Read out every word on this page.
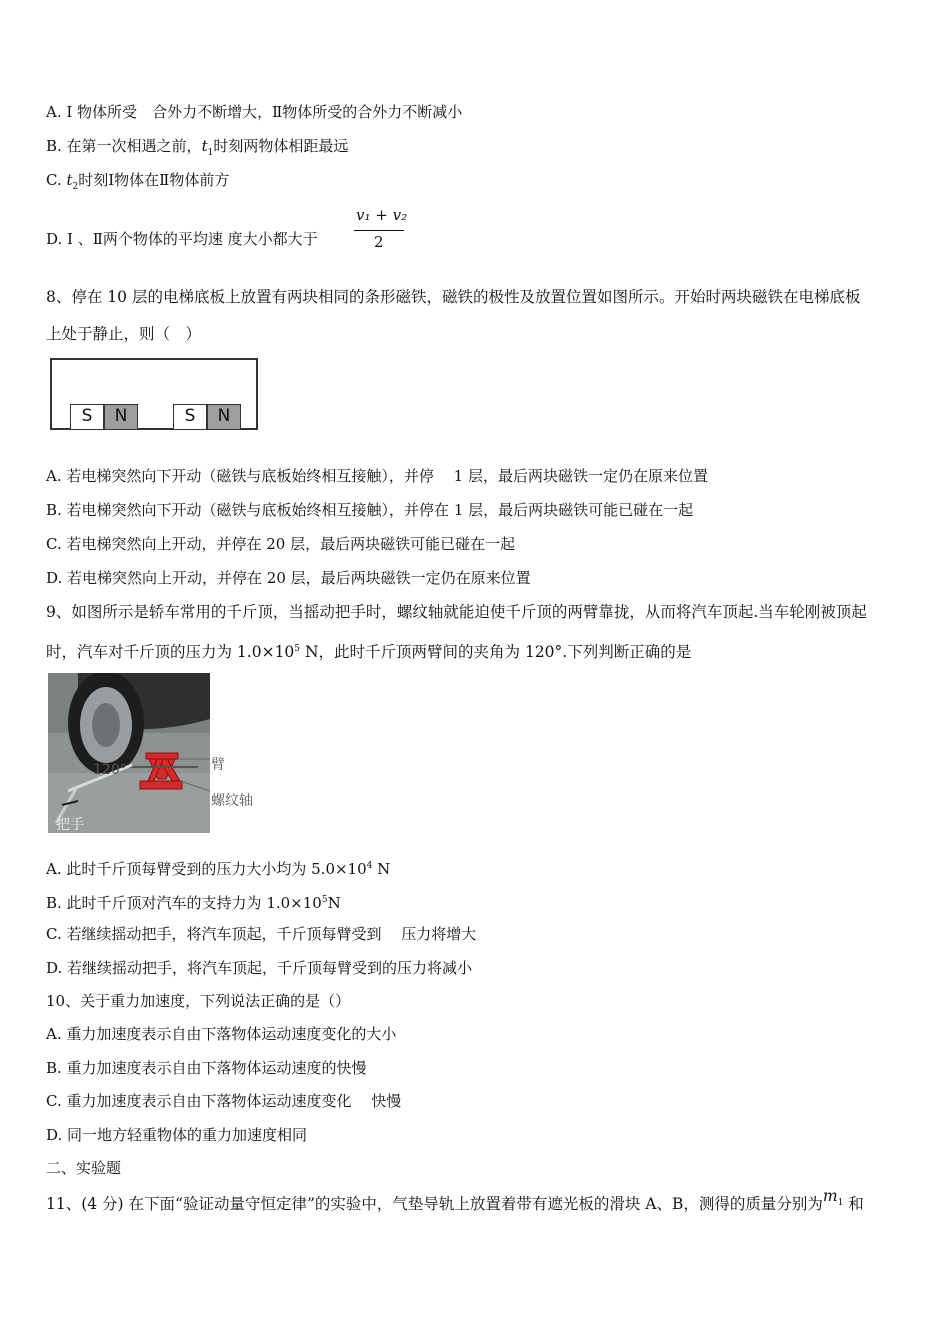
A. Ⅰ 物体所受　合外力不断增大，Ⅱ物体所受的合外力不断减小
B. 在第一次相遇之前，$t_1$时刻两物体相距最远
C. $t_2$时刻Ⅰ物体在Ⅱ物体前方
D. Ⅰ 、Ⅱ两个物体的平均速 度大小都大于
v₁ + v₂
2
8、停在 10 层的电梯底板上放置有两块相同的条形磁铁，磁铁的极性及放置位置如图所示。开始时两块磁铁在电梯底板
上处于静止，则（　）
S	N	S	N
A. 若电梯突然向下开动（磁铁与底板始终相互接触），并停　 1 层，最后两块磁铁一定仍在原来位置
B. 若电梯突然向下开动（磁铁与底板始终相互接触），并停在 1 层，最后两块磁铁可能已碰在一起
C. 若电梯突然向上开动，并停在 20 层，最后两块磁铁可能已碰在一起
D. 若电梯突然向上开动，并停在 20 层，最后两块磁铁一定仍在原来位置
9、如图所示是轿车常用的千斤顶，当摇动把手时，螺纹轴就能迫使千斤顶的两臂靠拢，从而将汽车顶起.当车轮刚被顶起
时，汽车对千斤顶的压力为 $1.0\times 10^5$ N，此时千斤顶两臂间的夹角为 120°.下列判断正确的是
120°	臂
螺纹轴
把手
A. 此时千斤顶每臂受到的压力大小均为 $5.0\times 10^4$ N
B. 此时千斤顶对汽车的支持力为 $1.0\times 10^5N$
C. 若继续摇动把手，将汽车顶起，千斤顶每臂受到　 压力将增大
D. 若继续摇动把手，将汽车顶起，千斤顶每臂受到的压力将减小
10、关于重力加速度，下列说法正确的是（）
A. 重力加速度表示自由下落物体运动速度变化的大小
B. 重力加速度表示自由下落物体运动速度的快慢
C. 重力加速度表示自由下落物体运动速度变化　 快慢
D. 同一地方轻重物体的重力加速度相同
二、实验题
11、(4 分) 在下面“验证动量守恒定律”的实验中，气垫导轨上放置着带有遮光板的滑块 A、B，测得的质量分别为$m_1$ 和
